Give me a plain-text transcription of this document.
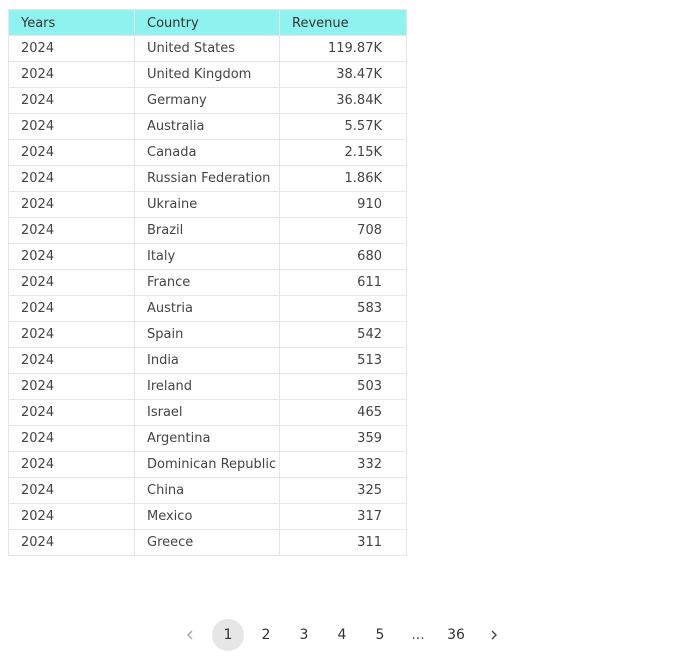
Years	Country	Revenue
2024	United States	119.87K
2024	United Kingdom	38.47K
2024	Germany	36.84K
2024	Australia	5.57K
2024	Canada	2.15K
2024	Russian Federation	1.86K
2024	Ukraine	910
2024	Brazil	708
2024	Italy	680
2024	France	611
2024	Austria	583
2024	Spain	542
2024	India	513
2024	Ireland	503
2024	Israel	465
2024	Argentina	359
2024	Dominican Republic	332
2024	China	325
2024	Mexico	317
2024	Greece	311
1	2	3	4	5	...	36
